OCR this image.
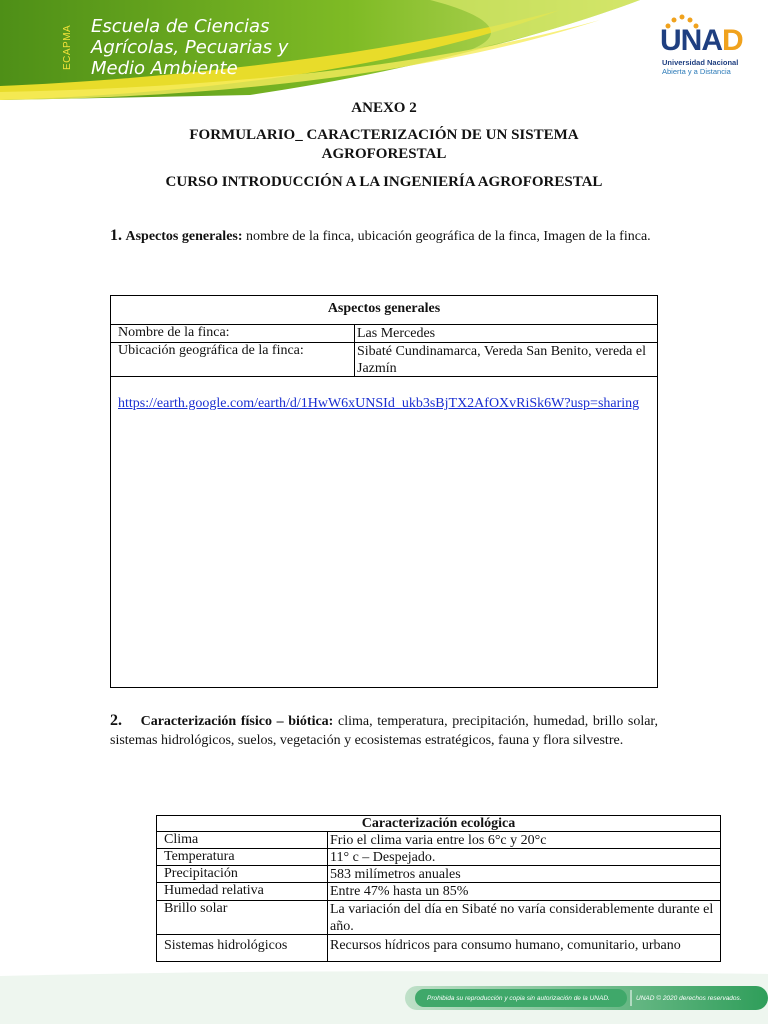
ECAPMA	Escuela de Ciencias
Agrícolas, Pecuarias y
Medio Ambiente
UNAD
Universidad Nacional
Abierta y a Distancia
ANEXO 2
FORMULARIO_ CARACTERIZACIÓN DE UN SISTEMA
AGROFORESTAL
CURSO INTRODUCCIÓN A LA INGENIERÍA AGROFORESTAL
1. Aspectos generales: nombre de la finca, ubicación geográfica de la finca, Imagen de la finca.
Aspectos generales
Nombre de la finca:	Las Mercedes
Ubicación geográfica de la finca:	Sibaté Cundinamarca, Vereda San Benito, vereda el Jazmín
https://earth.google.com/earth/d/1HwW6xUNSId_ukb3sBjTX2AfOXvRiSk6W?usp=sharing
2. Caracterización físico – biótica: clima, temperatura, precipitación, humedad, brillo solar, sistemas hidrológicos, suelos, vegetación y ecosistemas estratégicos, fauna y flora silvestre.
Caracterización ecológica
Clima	Frio el clima varia entre los 6°c y 20°c
Temperatura	11° c – Despejado.
Precipitación	583 milímetros anuales
Humedad relativa	Entre 47% hasta un 85%
Brillo solar	La variación del día en Sibaté no varía considerablemente durante el año.
Sistemas hidrológicos	Recursos hídricos para consumo humano, comunitario, urbano
Prohibida su reproducción y copia sin autorización de la UNAD.	UNAD © 2020 derechos reservados.
